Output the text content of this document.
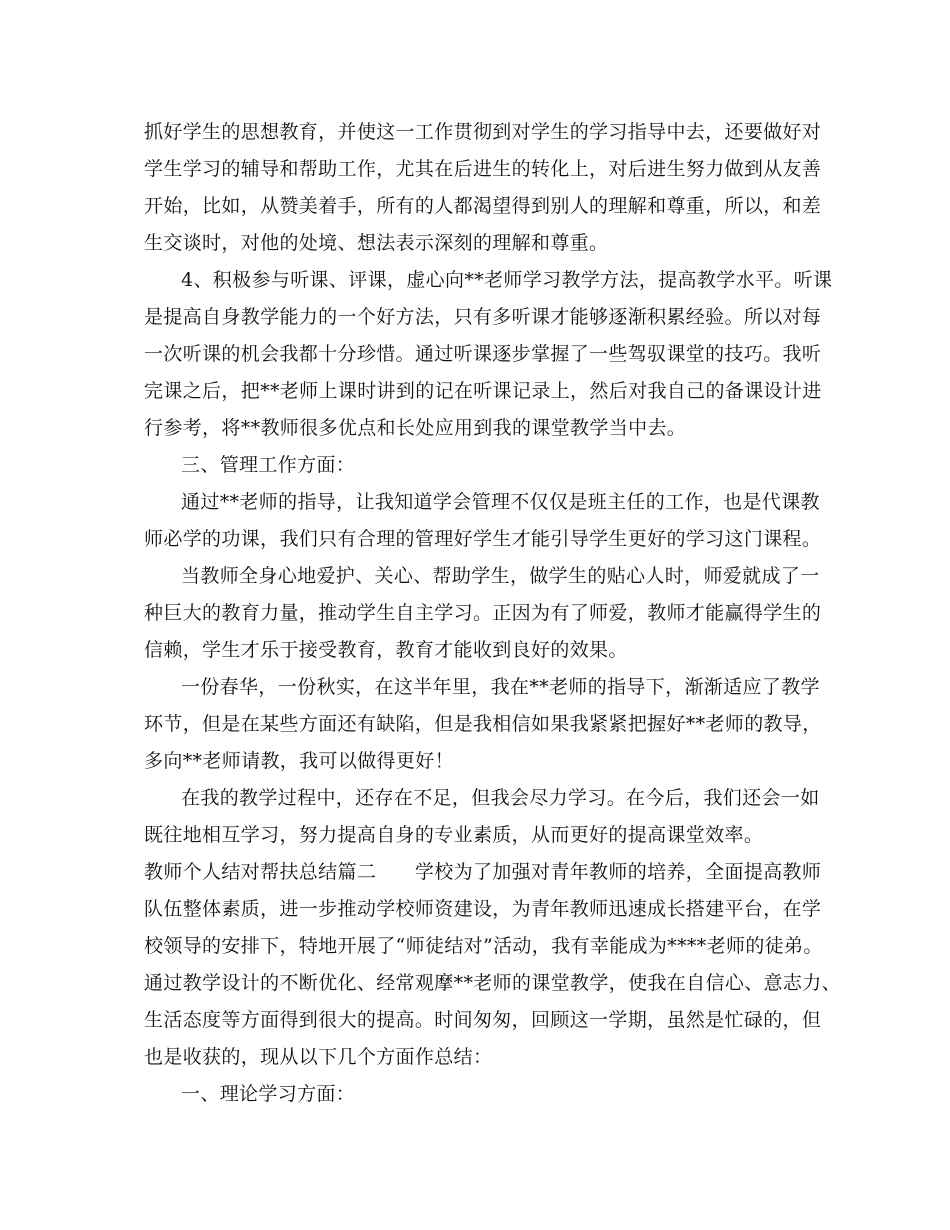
抓好学生的思想教育，并使这一工作贯彻到对学生的学习指导中去，还要做好对
学生学习的辅导和帮助工作，尤其在后进生的转化上，对后进生努力做到从友善
开始，比如，从赞美着手，所有的人都渴望得到别人的理解和尊重，所以，和差
生交谈时，对他的处境、想法表示深刻的理解和尊重。
4、积极参与听课、评课，虚心向**老师学习教学方法，提高教学水平。听课
是提高自身教学能力的一个好方法，只有多听课才能够逐渐积累经验。所以对每
一次听课的机会我都十分珍惜。通过听课逐步掌握了一些驾驭课堂的技巧。我听
完课之后，把**老师上课时讲到的记在听课记录上，然后对我自己的备课设计进
行参考，将**教师很多优点和长处应用到我的课堂教学当中去。
三、管理工作方面：
通过**老师的指导，让我知道学会管理不仅仅是班主任的工作，也是代课教
师必学的功课，我们只有合理的管理好学生才能引导学生更好的学习这门课程。
当教师全身心地爱护、关心、帮助学生，做学生的贴心人时，师爱就成了一
种巨大的教育力量，推动学生自主学习。正因为有了师爱，教师才能赢得学生的
信赖，学生才乐于接受教育，教育才能收到良好的效果。
一份春华，一份秋实，在这半年里，我在**老师的指导下，渐渐适应了教学
环节，但是在某些方面还有缺陷，但是我相信如果我紧紧把握好**老师的教导，
多向**老师请教，我可以做得更好！
在我的教学过程中，还存在不足，但我会尽力学习。在今后，我们还会一如
既往地相互学习，努力提高自身的专业素质，从而更好的提高课堂效率。
教师个人结对帮扶总结篇二　　学校为了加强对青年教师的培养，全面提高教师
队伍整体素质，进一步推动学校师资建设，为青年教师迅速成长搭建平台，在学
校领导的安排下，特地开展了“师徒结对”活动，我有幸能成为****老师的徒弟。
通过教学设计的不断优化、经常观摩**老师的课堂教学，使我在自信心、意志力、
生活态度等方面得到很大的提高。时间匆匆，回顾这一学期，虽然是忙碌的，但
也是收获的，现从以下几个方面作总结：
一、理论学习方面：
